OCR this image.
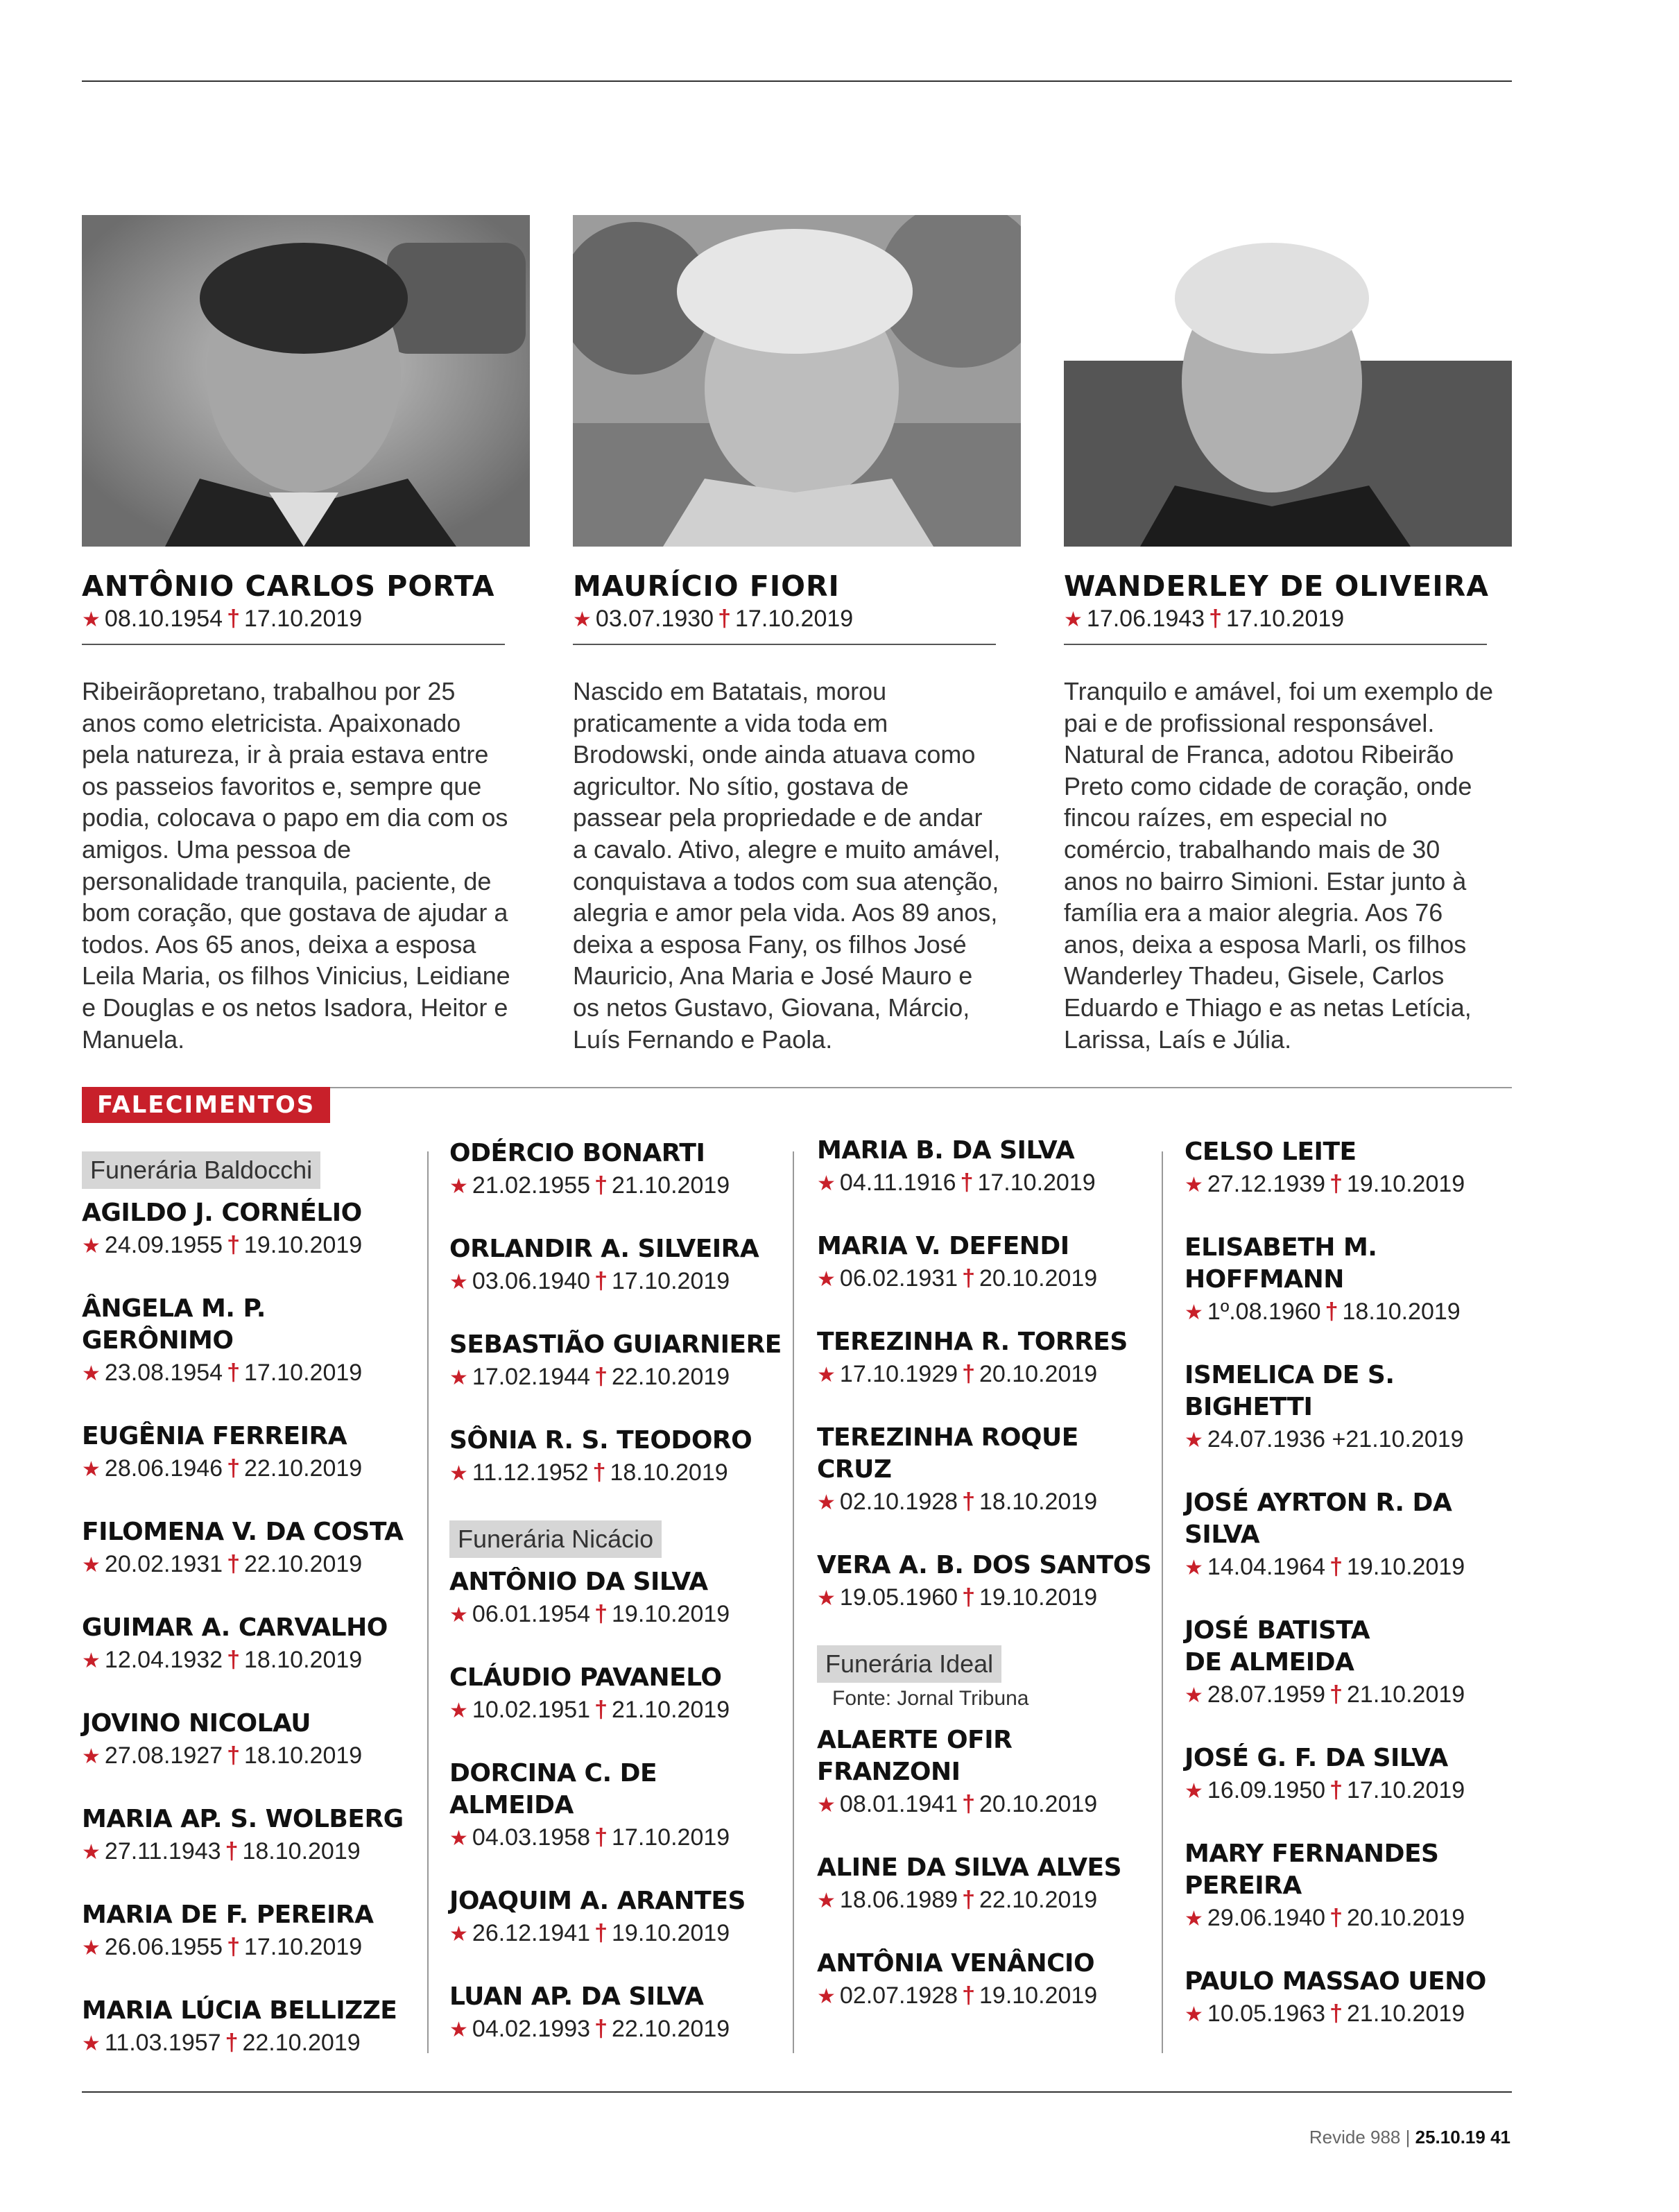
ANTÔNIO CARLOS PORTA
★ 08.10.1954 † 17.10.2019
Ribeirãopretano, trabalhou por 25 anos como eletricista. Apaixonado pela natureza, ir à praia estava entre os passeios favoritos e, sempre que podia, colocava o papo em dia com os amigos. Uma pessoa de personalidade tranquila, paciente, de bom coração, que gostava de ajudar a todos. Aos 65 anos, deixa a esposa Leila Maria, os filhos Vinicius, Leidiane e Douglas e os netos Isadora, Heitor e Manuela.
MAURÍCIO FIORI
★ 03.07.1930 † 17.10.2019
Nascido em Batatais, morou praticamente a vida toda em Brodowski, onde ainda atuava como agricultor. No sítio, gostava de passear pela propriedade e de andar a cavalo. Ativo, alegre e muito amável, conquistava a todos com sua atenção, alegria e amor pela vida. Aos 89 anos, deixa a esposa Fany, os filhos José Mauricio, Ana Maria e José Mauro e os netos Gustavo, Giovana, Márcio, Luís Fernando e Paola.
WANDERLEY DE OLIVEIRA
★ 17.06.1943 † 17.10.2019
Tranquilo e amável, foi um exemplo de pai e de profissional responsável. Natural de Franca, adotou Ribeirão Preto como cidade de coração, onde fincou raízes, em especial no comércio, trabalhando mais de 30 anos no bairro Simioni. Estar junto à família era a maior alegria. Aos 76 anos, deixa a esposa Marli, os filhos Wanderley Thadeu, Gisele, Carlos Eduardo e Thiago e as netas Letícia, Larissa, Laís e Júlia.
FALECIMENTOS
Funerária Baldocchi
AGILDO J. CORNÉLIO
★ 24.09.1955 † 19.10.2019
ÂNGELA M. P. GERÔNIMO
★ 23.08.1954 † 17.10.2019
EUGÊNIA FERREIRA
★ 28.06.1946 † 22.10.2019
FILOMENA V. DA COSTA
★ 20.02.1931 † 22.10.2019
GUIMAR A. CARVALHO
★ 12.04.1932 † 18.10.2019
JOVINO NICOLAU
★ 27.08.1927 † 18.10.2019
MARIA AP. S. WOLBERG
★ 27.11.1943 † 18.10.2019
MARIA DE F. PEREIRA
★ 26.06.1955 † 17.10.2019
MARIA LÚCIA BELLIZZE
★ 11.03.1957 † 22.10.2019
ODÉRCIO BONARTI
★ 21.02.1955 † 21.10.2019
ORLANDIR A. SILVEIRA
★ 03.06.1940 † 17.10.2019
SEBASTIÃO GUIARNIERE
★ 17.02.1944 † 22.10.2019
SÔNIA R. S. TEODORO
★ 11.12.1952 † 18.10.2019
Funerária Nicácio
ANTÔNIO DA SILVA
★ 06.01.1954 † 19.10.2019
CLÁUDIO PAVANELO
★ 10.02.1951 † 21.10.2019
DORCINA C. DE ALMEIDA
★ 04.03.1958 † 17.10.2019
JOAQUIM A. ARANTES
★ 26.12.1941 † 19.10.2019
LUAN AP. DA SILVA
★ 04.02.1993 † 22.10.2019
MARIA B. DA SILVA
★ 04.11.1916 † 17.10.2019
MARIA V. DEFENDI
★ 06.02.1931 † 20.10.2019
TEREZINHA R. TORRES
★ 17.10.1929 † 20.10.2019
TEREZINHA ROQUE CRUZ
★ 02.10.1928 † 18.10.2019
VERA A. B. DOS SANTOS
★ 19.05.1960 † 19.10.2019
Funerária Ideal
Fonte: Jornal Tribuna
ALAERTE OFIR FRANZONI
★ 08.01.1941 † 20.10.2019
ALINE DA SILVA ALVES
★ 18.06.1989 † 22.10.2019
ANTÔNIA VENÂNCIO
★ 02.07.1928 † 19.10.2019
CELSO LEITE
★ 27.12.1939 † 19.10.2019
ELISABETH M.
HOFFMANN
★ 1º.08.1960 † 18.10.2019
ISMELICA DE S. BIGHETTI
★ 24.07.1936 +21.10.2019
JOSÉ AYRTON R. DA
SILVA
★ 14.04.1964 † 19.10.2019
JOSÉ BATISTA
DE ALMEIDA
★ 28.07.1959 † 21.10.2019
JOSÉ G. F. DA SILVA
★ 16.09.1950 † 17.10.2019
MARY FERNANDES
PEREIRA
★ 29.06.1940 † 20.10.2019
PAULO MASSAO UENO
★ 10.05.1963 † 21.10.2019
Revide 988 | 25.10.19 41
